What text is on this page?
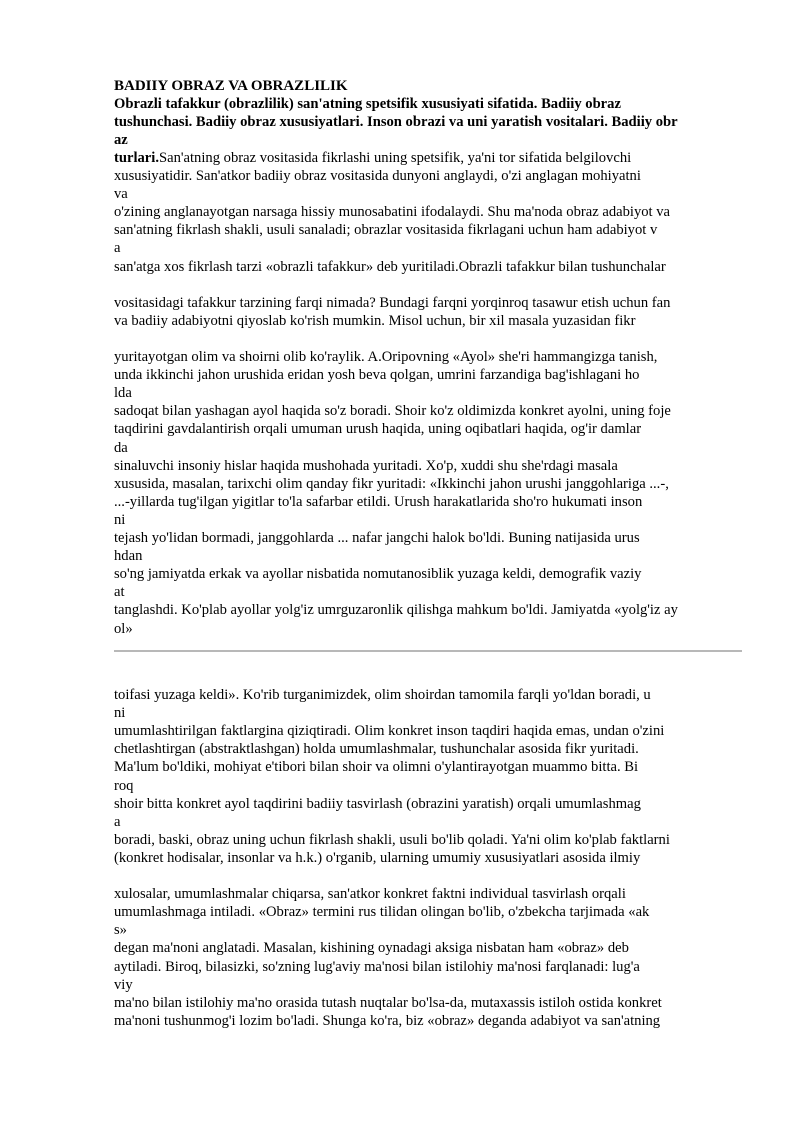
BADIIY OBRAZ VA OBRAZLILIK
Obrazli tafakkur (obrazlilik) san'atning spetsifik xususiyati sifatida. Badiiy obraz
tushunchasi. Badiiy obraz xususiyatlari. Inson obrazi va uni yaratish vositalari. Badiiy obr
az
turlari.San'atning obraz vositasida fikrlashi uning spetsifik, ya'ni tor sifatida belgilovchi
xususiyatidir. San'atkor badiiy obraz vositasida dunyoni anglaydi, o'zi anglagan mohiyatni
va
o'zining anglanayotgan narsaga hissiy munosabatini ifodalaydi. Shu ma'noda obraz adabiyot va
san'atning fikrlash shakli, usuli sanaladi; obrazlar vositasida fikrlagani uchun ham adabiyot v
a
san'atga xos fikrlash tarzi «obrazli tafakkur» deb yuritiladi.Obrazli tafakkur bilan tushunchalar
vositasidagi tafakkur tarzining farqi nimada? Bundagi farqni yorqinroq tasawur etish uchun fan
va badiiy adabiyotni qiyoslab ko'rish mumkin. Misol uchun, bir xil masala yuzasidan fikr
yuritayotgan olim va shoirni olib ko'raylik. A.Oripovning «Ayol» she'ri hammangizga tanish,
unda ikkinchi jahon urushida eridan yosh beva qolgan, umrini farzandiga bag'ishlagani ho
lda
sadoqat bilan yashagan ayol haqida so'z boradi. Shoir ko'z oldimizda konkret ayolni, uning foje
taqdirini gavdalantirish orqali umuman urush haqida, uning oqibatlari haqida, og'ir damlar
da
sinaluvchi insoniy hislar haqida mushohada yuritadi. Xo'p, xuddi shu she'rdagi masala
xususida, masalan, tarixchi olim qanday fikr yuritadi: «Ikkinchi jahon urushi janggohlariga ...-,
...-yillarda tug'ilgan yigitlar to'la safarbar etildi. Urush harakatlarida sho'ro hukumati inson
ni
tejash yo'lidan bormadi, janggohlarda ... nafar jangchi halok bo'ldi. Buning natijasida urus
hdan
so'ng jamiyatda erkak va ayollar nisbatida nomutanosiblik yuzaga keldi, demografik vaziy
at
tanglashdi. Ko'plab ayollar yolg'iz umrguzaronlik qilishga mahkum bo'ldi. Jamiyatda «yolg'iz ay
ol»
toifasi yuzaga keldi». Ko'rib turganimizdek, olim shoirdan tamomila farqli yo'ldan boradi, u
ni
umumlashtirilgan faktlargina qiziqtiradi. Olim konkret inson taqdiri haqida emas, undan o'zini
chetlashtirgan (abstraktlashgan) holda umumlashmalar, tushunchalar asosida fikr yuritadi.
Ma'lum bo'ldiki, mohiyat e'tibori bilan shoir va olimni o'ylantirayotgan muammo bitta. Bi
roq
shoir bitta konkret ayol taqdirini badiiy tasvirlash (obrazini yaratish) orqali umumlashmag
a
boradi, baski, obraz uning uchun fikrlash shakli, usuli bo'lib qoladi. Ya'ni olim ko'plab faktlarni
(konkret hodisalar, insonlar va h.k.) o'rganib, ularning umumiy xususiyatlari asosida ilmiy
xulosalar, umumlashmalar chiqarsa, san'atkor konkret faktni individual tasvirlash orqali
umumlashmaga intiladi. «Obraz» termini rus tilidan olingan bo'lib, o'zbekcha tarjimada «ak
s»
degan ma'noni anglatadi. Masalan, kishining oynadagi aksiga nisbatan ham «obraz» deb
aytiladi. Biroq, bilasizki, so'zning lug'aviy ma'nosi bilan istilohiy ma'nosi farqlanadi: lug'a
viy
ma'no bilan istilohiy ma'no orasida tutash nuqtalar bo'lsa-da, mutaxassis istiloh ostida konkret
ma'noni tushunmog'i lozim bo'ladi. Shunga ko'ra, biz «obraz» deganda adabiyot va san'atning
